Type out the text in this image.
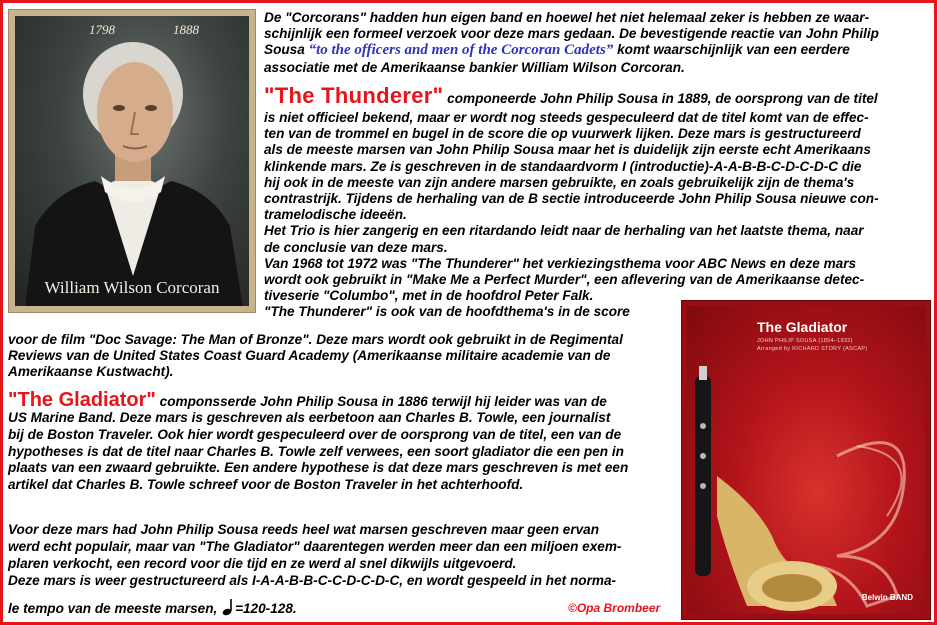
1798	1888
William Wilson Corcoran
De "Corcorans" hadden hun eigen band en hoewel het niet helemaal zeker is hebben ze waar-
schijnlijk een formeel verzoek voor deze mars gedaan. De bevestigende reactie van John Philip
Sousa “to the officers and men of the Corcoran Cadets” komt waarschijnlijk van een eerdere
associatie met de Amerikaanse bankier William Wilson Corcoran.
"The Thunderer" componeerde John Philip Sousa in 1889, de oorsprong van de titel
is niet officieel bekend, maar er wordt nog steeds gespeculeerd dat de titel komt van de effec-
ten van de trommel en bugel in de score die op vuurwerk lijken. Deze mars is gestructureerd
als de meeste marsen van John Philip Sousa maar het is duidelijk zijn eerste echt Amerikaans
klinkende mars. Ze is geschreven in de standaardvorm I (introductie)-A-A-B-B-C-D-C-D-C die
hij ook in de meeste van zijn andere marsen gebruikte, en zoals gebruikelijk zijn de thema's
contrastrijk. Tijdens de herhaling van de B sectie introduceerde John Philip Sousa nieuwe con-
tramelodische ideeën.
Het Trio is hier zangerig en een ritardando leidt naar de herhaling van het laatste thema, naar
de conclusie van deze mars.
Van 1968 tot 1972 was "The Thunderer" het verkiezingsthema voor ABC News en deze mars
wordt ook gebruikt in "Make Me a Perfect Murder", een aflevering van de Amerikaanse detec-
tiveserie "Columbo", met in de hoofdrol Peter Falk.
"The Thunderer" is ook van de hoofdthema's in de score
voor de film "Doc Savage: The Man of Bronze". Deze mars wordt ook gebruikt in de Regimental
Reviews van de United States Coast Guard Academy (Amerikaanse militaire academie van de
Amerikaanse Kustwacht).
"The Gladiator" componsserde John Philip Sousa in 1886 terwijl hij leider was van de
US Marine Band. Deze mars is geschreven als eerbetoon aan Charles B. Towle, een journalist
bij de Boston Traveler. Ook hier wordt gespeculeerd over de oorsprong van de titel, een van de
hypotheses is dat de titel naar Charles B. Towle zelf verwees, een soort gladiator die een pen in
plaats van een zwaard gebruikte. Een andere hypothese is dat deze mars geschreven is met een
artikel dat Charles B. Towle schreef voor de Boston Traveler in het achterhoofd.
Voor deze mars had John Philip Sousa reeds heel wat marsen geschreven maar geen ervan
werd echt populair, maar van "The Gladiator" daarentegen werden meer dan een miljoen exem-
plaren verkocht, een record voor die tijd en ze werd al snel dikwijls uitgevoerd.
Deze mars is weer gestructureerd als I-A-A-B-B-C-C-D-C-D-C, en wordt gespeeld in het norma-
le tempo van de meeste marsen, =120-128.	©Opa Brombeer
The Gladiator
JOHN PHILIP SOUSA (1854–1932)
Arranged by RICHARD STORY (ASCAP)
Belwin BAND
